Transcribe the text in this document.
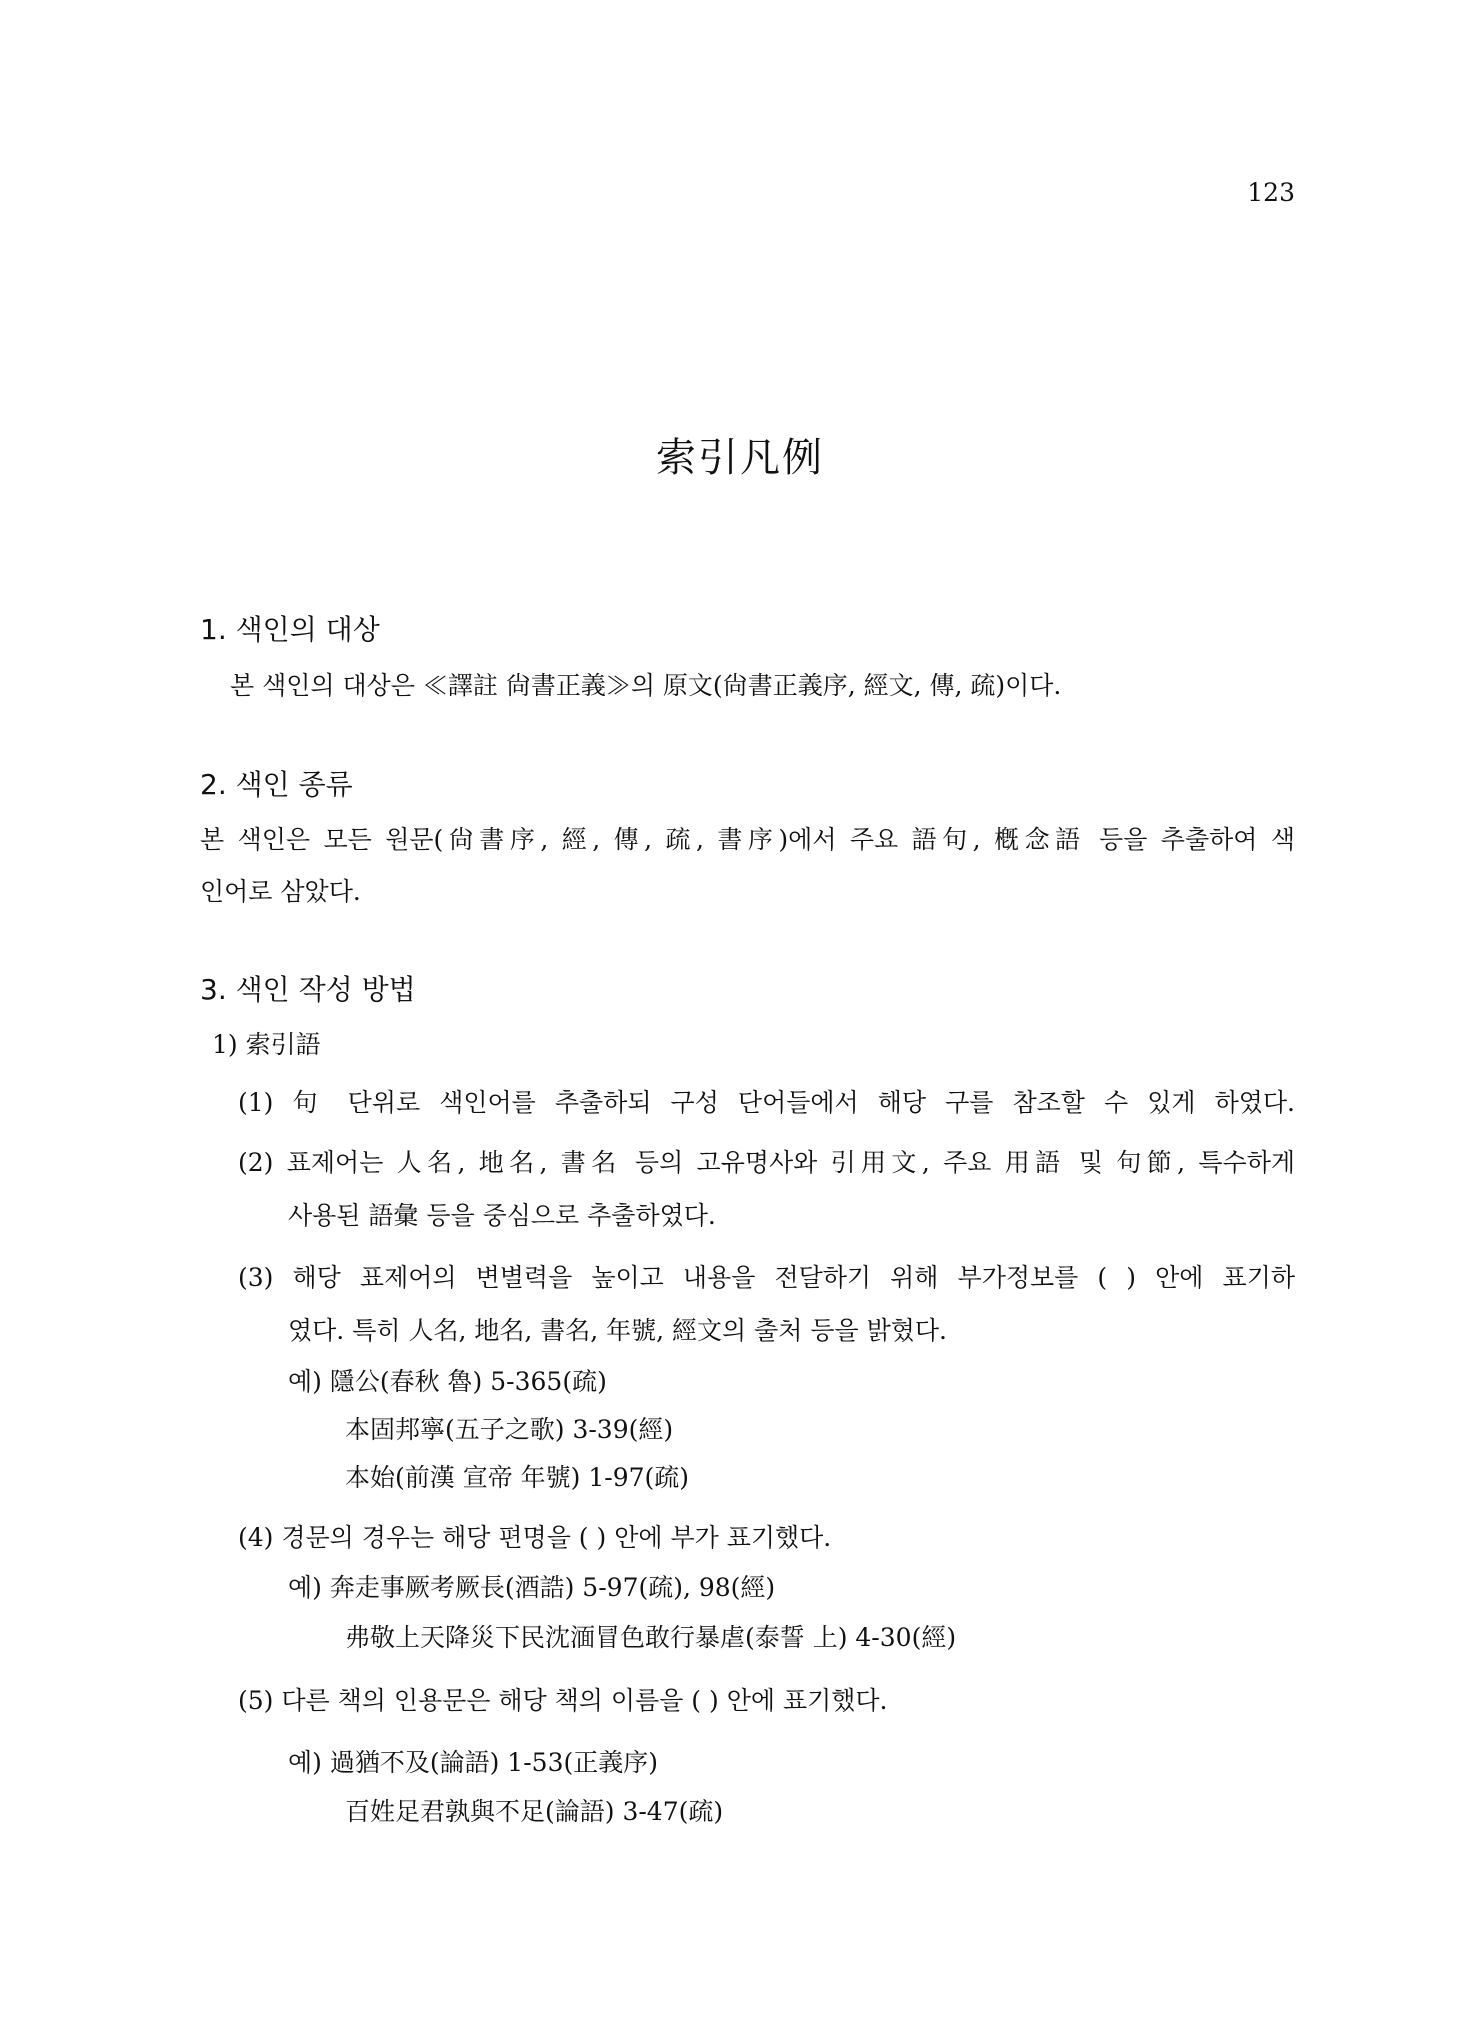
123
索引凡例
1. 색인의 대상

본 색인의 대상은 ≪譯註 尙書正義≫의 原文(尙書正義序, 經文, 傳, 疏)이다.

2. 색인 종류

본 색인은 모든 원문(尙書序, 經, 傳, 疏, 書序)에서 주요 語句, 槪念語 등을 추출하여 색

인어로 삼았다.

3. 색인 작성 방법
1) 索引語

(1) 句 단위로 색인어를 추출하되 구성 단어들에서 해당 구를 참조할 수 있게 하였다.

(2) 표제어는 人名, 地名, 書名 등의 고유명사와 引用文, 주요 用語 및 句節, 특수하게

사용된 語彙 등을 중심으로 추출하였다.

(3) 해당 표제어의 변별력을 높이고 내용을 전달하기 위해 부가정보를 ( ) 안에 표기하

였다. 특히 人名, 地名, 書名, 年號, 經文의 출처 등을 밝혔다.

예) 隱公(春秋 魯) 5-365(疏)

本固邦寧(五子之歌) 3-39(經)

本始(前漢 宣帝 年號) 1-97(疏)

(4) 경문의 경우는 해당 편명을 ( ) 안에 부가 표기했다.

예) 奔走事厥考厥長(酒誥) 5-97(疏), 98(經)

弗敬上天降災下民沈湎冒色敢行暴虐(泰誓 上) 4-30(經)

(5) 다른 책의 인용문은 해당 책의 이름을 ( ) 안에 표기했다.

예) 過猶不及(論語) 1-53(正義序)

百姓足君孰與不足(論語) 3-47(疏)
